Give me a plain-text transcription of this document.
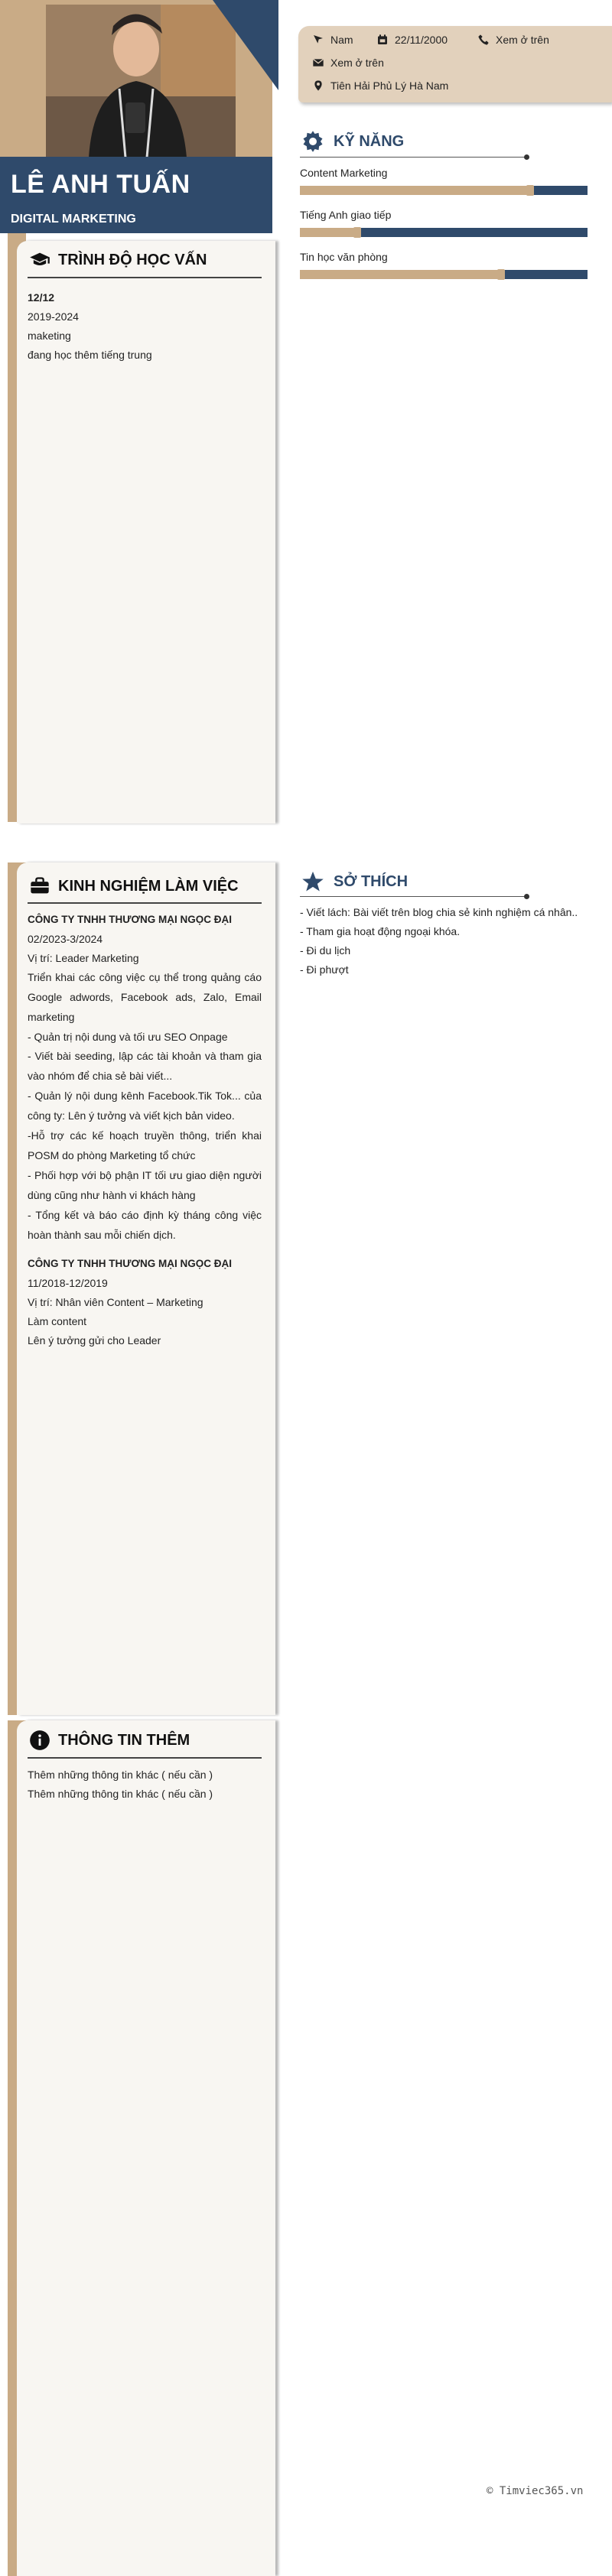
LÊ ANH TUẤN
DIGITAL MARKETING
TRÌNH ĐỘ HỌC VẤN
12/12
2019-2024
maketing
đang học thêm tiếng trung
KINH NGHIỆM LÀM VIỆC
CÔNG TY TNHH THƯƠNG MẠI NGỌC ĐẠI
02/2023-3/2024
Vị trí: Leader Marketing
Triển khai các công việc cụ thể trong quảng cáo Google adwords, Facebook ads, Zalo, Email marketing
- Quản trị nội dung và tối ưu SEO Onpage
- Viết bài seeding, lập các tài khoản và tham gia vào nhóm để chia sẻ bài viết...
- Quản lý nội dung kênh Facebook.Tik Tok... của công ty: Lên ý tưởng và viết kịch bản video.
-Hỗ trợ các kế hoạch truyền thông, triển khai POSM do phòng Marketing tổ chức
- Phối hợp với bộ phận IT tối ưu giao diện người dùng cũng như hành vi khách hàng
- Tổng kết và báo cáo định kỳ tháng công việc hoàn thành sau mỗi chiến dịch.
CÔNG TY TNHH THƯƠNG MẠI NGỌC ĐẠI
11/2018-12/2019
Vị trí: Nhân viên Content – Marketing
Làm content
Lên ý tưởng gửi cho Leader
THÔNG TIN THÊM
Thêm những thông tin khác ( nếu cần )
Thêm những thông tin khác ( nếu cần )
Nam	22/11/2000	Xem ở trên
Xem ở trên
Tiên Hải Phủ Lý Hà Nam
KỸ NĂNG
Content Marketing
Tiếng Anh giao tiếp
Tin học văn phòng
SỞ THÍCH
- Viết lách: Bài viết trên blog chia sẻ kinh nghiệm cá nhân..
- Tham gia hoạt động ngoại khóa.
- Đi du lịch
- Đi phượt
© Timviec365.vn
